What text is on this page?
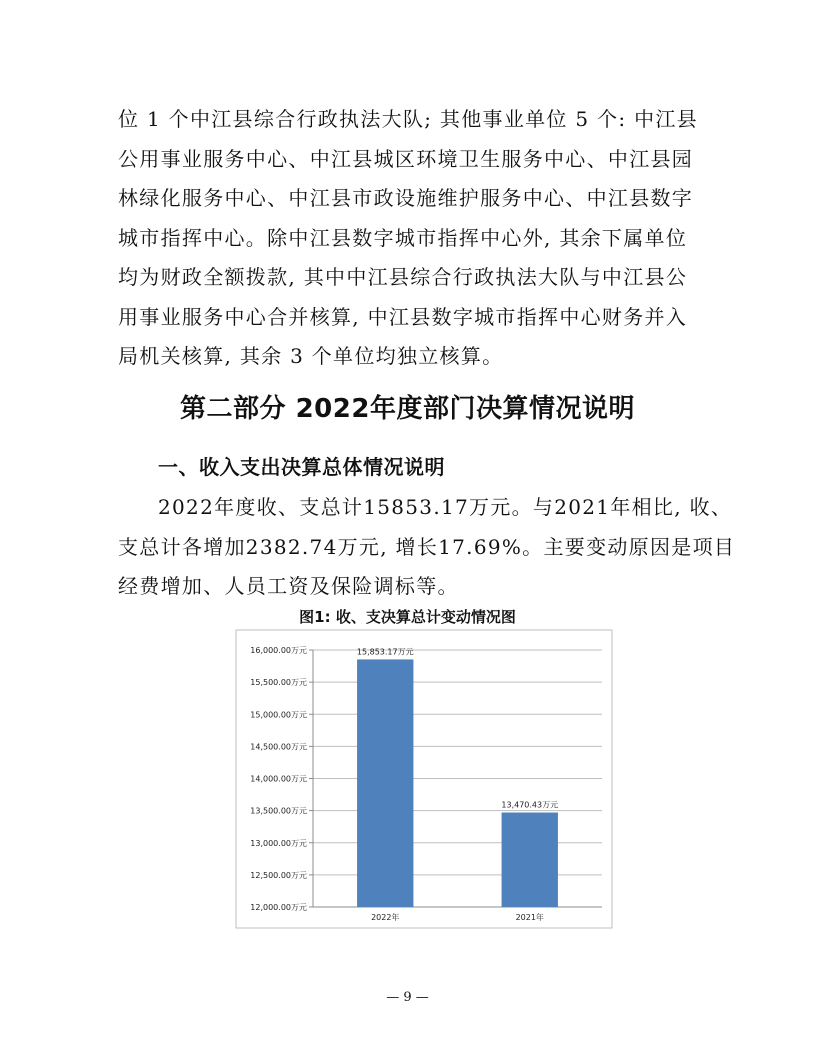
位 1 个中江县综合行政执法大队; 其他事业单位 5 个: 中江县
公用事业服务中心、中江县城区环境卫生服务中心、中江县园
林绿化服务中心、中江县市政设施维护服务中心、中江县数字
城市指挥中心。除中江县数字城市指挥中心外, 其余下属单位
均为财政全额拨款, 其中中江县综合行政执法大队与中江县公
用事业服务中心合并核算, 中江县数字城市指挥中心财务并入
局机关核算, 其余 3 个单位均独立核算。
第二部分 2022年度部门决算情况说明
一、收入支出决算总体情况说明
2022年度收、支总计15853.17万元。与2021年相比, 收、
支总计各增加2382.74万元, 增长17.69%。主要变动原因是项目
经费增加、人员工资及保险调标等。
图1: 收、支决算总计变动情况图
12,000.00万元
12,500.00万元
13,000.00万元
13,500.00万元
14,000.00万元
14,500.00万元
15,000.00万元
15,500.00万元
16,000.00万元	15,853.17万元
2022年
13,470.43万元
2021年
— 9 —
